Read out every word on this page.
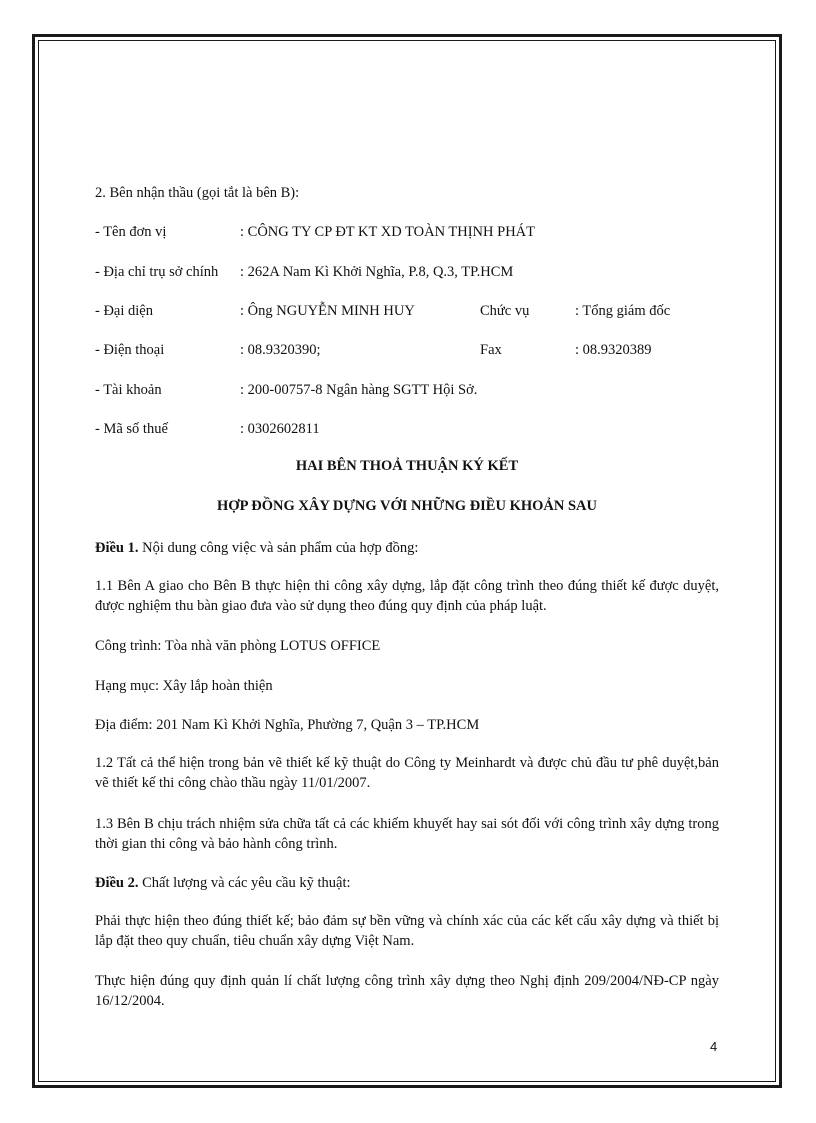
2. Bên nhận thầu (gọi tắt là bên B):
- Tên đơn vị	: CÔNG TY CP ĐT KT XD TOÀN THỊNH PHÁT
- Địa chỉ trụ sở chính : 262A Nam Kì Khởi Nghĩa, P.8, Q.3, TP.HCM
- Đại diện	: Ông NGUYỄN MINH HUY	Chức vụ	: Tổng giám đốc
- Điện thoại	: 08.9320390;	Fax	: 08.9320389
- Tài khoản	: 200-00757-8 Ngân hàng SGTT Hội Sở.
- Mã số thuế	: 0302602811
HAI BÊN THOẢ THUẬN KÝ KẾT
HỢP ĐỒNG XÂY DỰNG VỚI NHỮNG ĐIỀU KHOẢN SAU
Điều 1. Nội dung công việc và sản phẩm của hợp đồng:
1.1 Bên A giao cho Bên B thực hiện thi công xây dựng, lắp đặt công trình theo đúng thiết kế được duyệt, được nghiệm thu bàn giao đưa vào sử dụng theo đúng quy định của pháp luật.
Công trình: Tòa nhà văn phòng LOTUS OFFICE
Hạng mục: Xây lắp hoàn thiện
Địa điểm: 201 Nam Kì Khởi Nghĩa, Phường 7, Quận 3 – TP.HCM
1.2 Tất cả thể hiện trong bản vẽ thiết kế kỹ thuật do Công ty Meinhardt và được chủ đầu tư phê duyệt,bản vẽ thiết kế thi công chào thầu ngày 11/01/2007.
1.3 Bên B chịu trách nhiệm sửa chữa tất cả các khiếm khuyết hay sai sót đối với công trình xây dựng trong thời gian thi công và bảo hành công trình.
Điều 2. Chất lượng và các yêu cầu kỹ thuật:
Phải thực hiện theo đúng thiết kế; bảo đảm sự bền vững và chính xác của các kết cấu xây dựng và thiết bị lắp đặt theo quy chuẩn, tiêu chuẩn xây dựng Việt Nam.
Thực hiện đúng quy định quản lí chất lượng công trình xây dựng theo Nghị định 209/2004/NĐ-CP ngày 16/12/2004.
4
